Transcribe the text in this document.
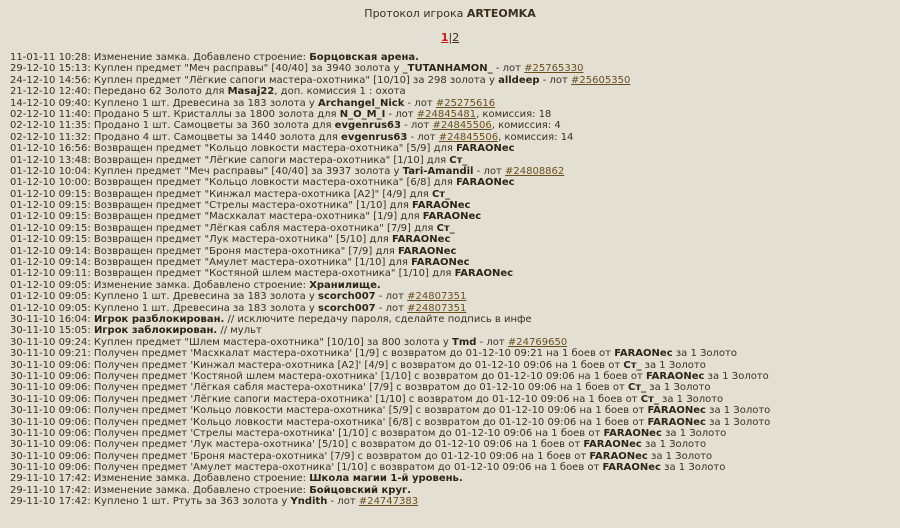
Протокол игрока ARTEOMKA
1|2
11-01-11 10:28: Изменение замка. Добавлено строение: Борцовская арена.
29-12-10 15:13: Куплен предмет "Меч расправы" [40/40] за 3940 золота у _TUTANHAMON_ - лот #25765330
24-12-10 14:56: Куплен предмет "Лёгкие сапоги мастера-охотника" [10/10] за 298 золота у alldeep - лот #25605350
21-12-10 12:40: Передано 62 Золото для Masaj22, доп. комиссия 1 : охота
14-12-10 09:40: Куплено 1 шт. Древесина за 183 золота у Archangel_Nick - лот #25275616
02-12-10 11:40: Продано 5 шт. Кристаллы за 1800 золота для N_O_M_I - лот #24845481, комиссия: 18
02-12-10 11:35: Продано 1 шт. Самоцветы за 360 золота для evgenrus63 - лот #24845506, комиссия: 4
02-12-10 11:32: Продано 4 шт. Самоцветы за 1440 золота для evgenrus63 - лот #24845506, комиссия: 14
01-12-10 16:56: Возвращен предмет "Кольцо ловкости мастера-охотника" [5/9] для FARAONec
01-12-10 13:48: Возвращен предмет "Лёгкие сапоги мастера-охотника" [1/10] для Ст_
01-12-10 10:04: Куплен предмет "Меч расправы" [40/40] за 3937 золота у Tari-Amandil - лот #24808862
01-12-10 10:00: Возвращен предмет "Кольцо ловкости мастера-охотника" [6/8] для FARAONec
01-12-10 09:15: Возвращен предмет "Кинжал мастера-охотника [A2]" [4/9] для Ст_
01-12-10 09:15: Возвращен предмет "Стрелы мастера-охотника" [1/10] для FARAONec
01-12-10 09:15: Возвращен предмет "Масхкалат мастера-охотника" [1/9] для FARAONec
01-12-10 09:15: Возвращен предмет "Лёгкая сабля мастера-охотника" [7/9] для Ст_
01-12-10 09:15: Возвращен предмет "Лук мастера-охотника" [5/10] для FARAONec
01-12-10 09:14: Возвращен предмет "Броня мастера-охотника" [7/9] для FARAONec
01-12-10 09:14: Возвращен предмет "Амулет мастера-охотника" [1/10] для FARAONec
01-12-10 09:11: Возвращен предмет "Костяной шлем мастера-охотника" [1/10] для FARAONec
01-12-10 09:05: Изменение замка. Добавлено строение: Хранилище.
01-12-10 09:05: Куплено 1 шт. Древесина за 183 золота у scorch007 - лот #24807351
01-12-10 09:05: Куплено 1 шт. Древесина за 183 золота у scorch007 - лот #24807351
30-11-10 16:04: Игрок разблокирован. // исключите передачу пароля, сделайте подпись в инфе
30-11-10 15:05: Игрок заблокирован. // мульт
30-11-10 09:24: Куплен предмет "Шлем мастера-охотника" [10/10] за 800 золота у Tmd - лот #24769650
30-11-10 09:21: Получен предмет 'Масхкалат мастера-охотника' [1/9] с возвратом до 01-12-10 09:21 на 1 боев от FARAONec за 1 Золото
30-11-10 09:06: Получен предмет 'Кинжал мастера-охотника [A2]' [4/9] с возвратом до 01-12-10 09:06 на 1 боев от Ст_ за 1 Золото
30-11-10 09:06: Получен предмет 'Костяной шлем мастера-охотника' [1/10] с возвратом до 01-12-10 09:06 на 1 боев от FARAONec за 1 Золото
30-11-10 09:06: Получен предмет 'Лёгкая сабля мастера-охотника' [7/9] с возвратом до 01-12-10 09:06 на 1 боев от Ст_ за 1 Золото
30-11-10 09:06: Получен предмет 'Лёгкие сапоги мастера-охотника' [1/10] с возвратом до 01-12-10 09:06 на 1 боев от Ст_ за 1 Золото
30-11-10 09:06: Получен предмет 'Кольцо ловкости мастера-охотника' [5/9] с возвратом до 01-12-10 09:06 на 1 боев от FARAONec за 1 Золото
30-11-10 09:06: Получен предмет 'Кольцо ловкости мастера-охотника' [6/8] с возвратом до 01-12-10 09:06 на 1 боев от FARAONec за 1 Золото
30-11-10 09:06: Получен предмет 'Стрелы мастера-охотника' [1/10] с возвратом до 01-12-10 09:06 на 1 боев от FARAONec за 1 Золото
30-11-10 09:06: Получен предмет 'Лук мастера-охотника' [5/10] с возвратом до 01-12-10 09:06 на 1 боев от FARAONec за 1 Золото
30-11-10 09:06: Получен предмет 'Броня мастера-охотника' [7/9] с возвратом до 01-12-10 09:06 на 1 боев от FARAONec за 1 Золото
30-11-10 09:06: Получен предмет 'Амулет мастера-охотника' [1/10] с возвратом до 01-12-10 09:06 на 1 боев от FARAONec за 1 Золото
29-11-10 17:42: Изменение замка. Добавлено строение: Школа магии 1-й уровень.
29-11-10 17:42: Изменение замка. Добавлено строение: Бойцовский круг.
29-11-10 17:42: Куплено 1 шт. Ртуть за 363 золота у Yndith - лот #24747383
